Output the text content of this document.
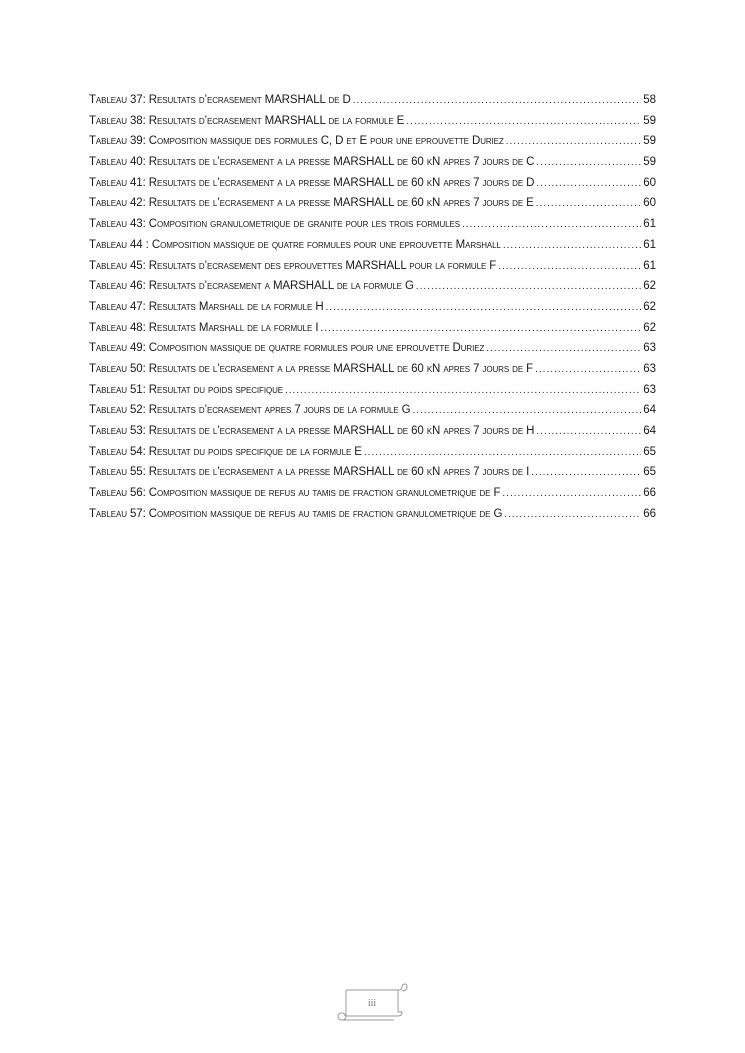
Tableau 37: Resultats d’ecrasement MARSHALL de D .....	58
Tableau 38: Resultats d’ecrasement MARSHALL de la formule E .....	59
Tableau 39: Composition massique des formules C, D et E pour une eprouvette Duriez .....	59
Tableau 40: Resultats de l’ecrasement a la presse MARSHALL de 60 kN apres 7 jours de C .....	59
Tableau 41: Resultats de l’ecrasement a la presse MARSHALL de 60 kN apres 7 jours de D .....	60
Tableau 42: Resultats de l’ecrasement a la presse MARSHALL de 60 kN apres 7 jours de E .....	60
Tableau 43: Composition granulometrique de granite pour les trois formules .....	61
Tableau 44 : Composition massique de quatre formules pour une eprouvette Marshall .....	61
Tableau 45: Resultats d’ecrasement des eprouvettes MARSHALL pour la formule F .....	61
Tableau 46: Resultats d’ecrasement a MARSHALL de la formule G .....	62
Tableau 47: Resultats Marshall de la formule H .....	62
Tableau 48: Resultats Marshall de la formule I .....	62
Tableau 49: Composition massique de quatre formules pour une eprouvette Duriez .....	63
Tableau 50: Resultats de l’ecrasement a la presse MARSHALL de 60 kN apres 7 jours de F .....	63
Tableau 51: Resultat du poids specifique .....	63
Tableau 52: Resultats d’ecrasement apres 7 jours de la formule G .....	64
Tableau 53: Resultats de l’ecrasement a la presse MARSHALL de 60 kN apres 7 jours de H .....	64
Tableau 54: Resultat du poids specifique de la formule E .....	65
Tableau 55: Resultats de l’ecrasement a la presse MARSHALL de 60 kN apres 7 jours de I .....	65
Tableau 56: Composition massique de refus au tamis de fraction granulometrique de F .....	66
Tableau 57: Composition massique de refus au tamis de fraction granulometrique de G .....	66
iii
